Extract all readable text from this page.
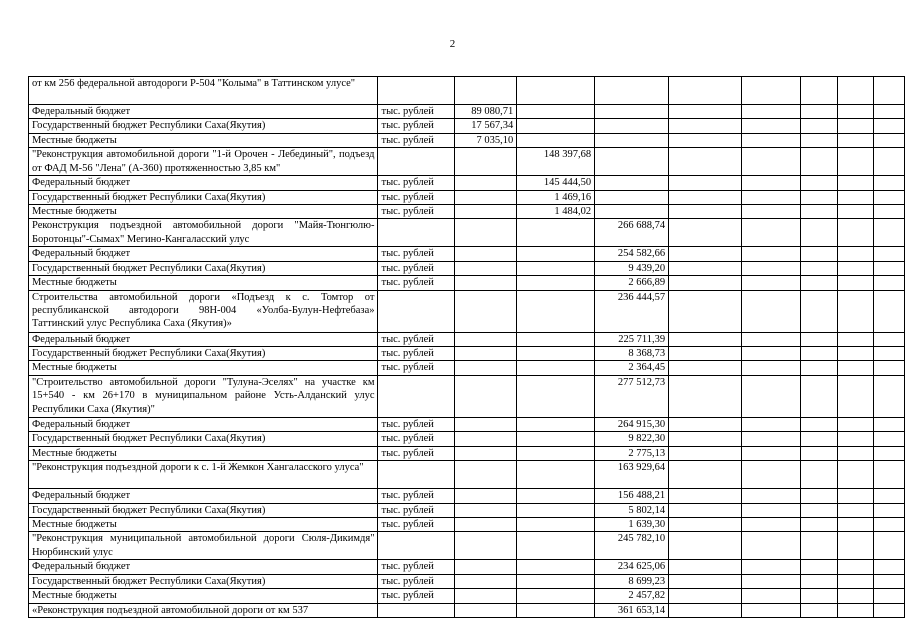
2
от км 256 федеральной автодороги Р-504 "Колыма" в Таттинском улусе"									
Федеральный бюджет	тыс. рублей	89 080,71							
Государственный бюджет Республики Саха(Якутия)	тыс. рублей	17 567,34							
Местные бюджеты	тыс. рублей	7 035,10							
"Реконструкция автомобильной дороги "1-й Орочен - Лебединый", подъезд от ФАД М-56 "Лена" (А-360) протяженностью 3,85 км"			148 397,68						
Федеральный бюджет	тыс. рублей		145 444,50						
Государственный бюджет Республики Саха(Якутия)	тыс. рублей		1 469,16						
Местные бюджеты	тыс. рублей		1 484,02						
Реконструкция подъездной автомобильной дороги "Майя-Тюнгюлю-Боротонцы"-Сымах" Мегино-Кангаласский улус				266 688,74					
Федеральный бюджет	тыс. рублей			254 582,66					
Государственный бюджет Республики Саха(Якутия)	тыс. рублей			9 439,20					
Местные бюджеты	тыс. рублей			2 666,89					
Строительства автомобильной дороги «Подъезд к с. Томтор от республиканской автодороги 98Н-004 «Уолба-Булун-Нефтебаза» Таттинский улус Республика Саха (Якутия)»				236 444,57					
Федеральный бюджет	тыс. рублей			225 711,39					
Государственный бюджет Республики Саха(Якутия)	тыс. рублей			8 368,73					
Местные бюджеты	тыс. рублей			2 364,45					
"Строительство автомобильной дороги "Тулуна-Эселях" на участке км 15+540 - км 26+170 в муниципальном районе Усть-Алданский улус Республики Саха (Якутия)"				277 512,73					
Федеральный бюджет	тыс. рублей			264 915,30					
Государственный бюджет Республики Саха(Якутия)	тыс. рублей			9 822,30					
Местные бюджеты	тыс. рублей			2 775,13					
"Реконструкция подъездной дороги к с. 1-й Жемкон Хангаласского улуса"				163 929,64					
Федеральный бюджет	тыс. рублей			156 488,21					
Государственный бюджет Республики Саха(Якутия)	тыс. рублей			5 802,14					
Местные бюджеты	тыс. рублей			1 639,30					
"Реконструкция муниципальной автомобильной дороги Сюля-Дикимдя" Нюрбинский улус				245 782,10					
Федеральный бюджет	тыс. рублей			234 625,06					
Государственный бюджет Республики Саха(Якутия)	тыс. рублей			8 699,23					
Местные бюджеты	тыс. рублей			2 457,82					
«Реконструкция подъездной автомобильной дороги от км 537				361 653,14					
